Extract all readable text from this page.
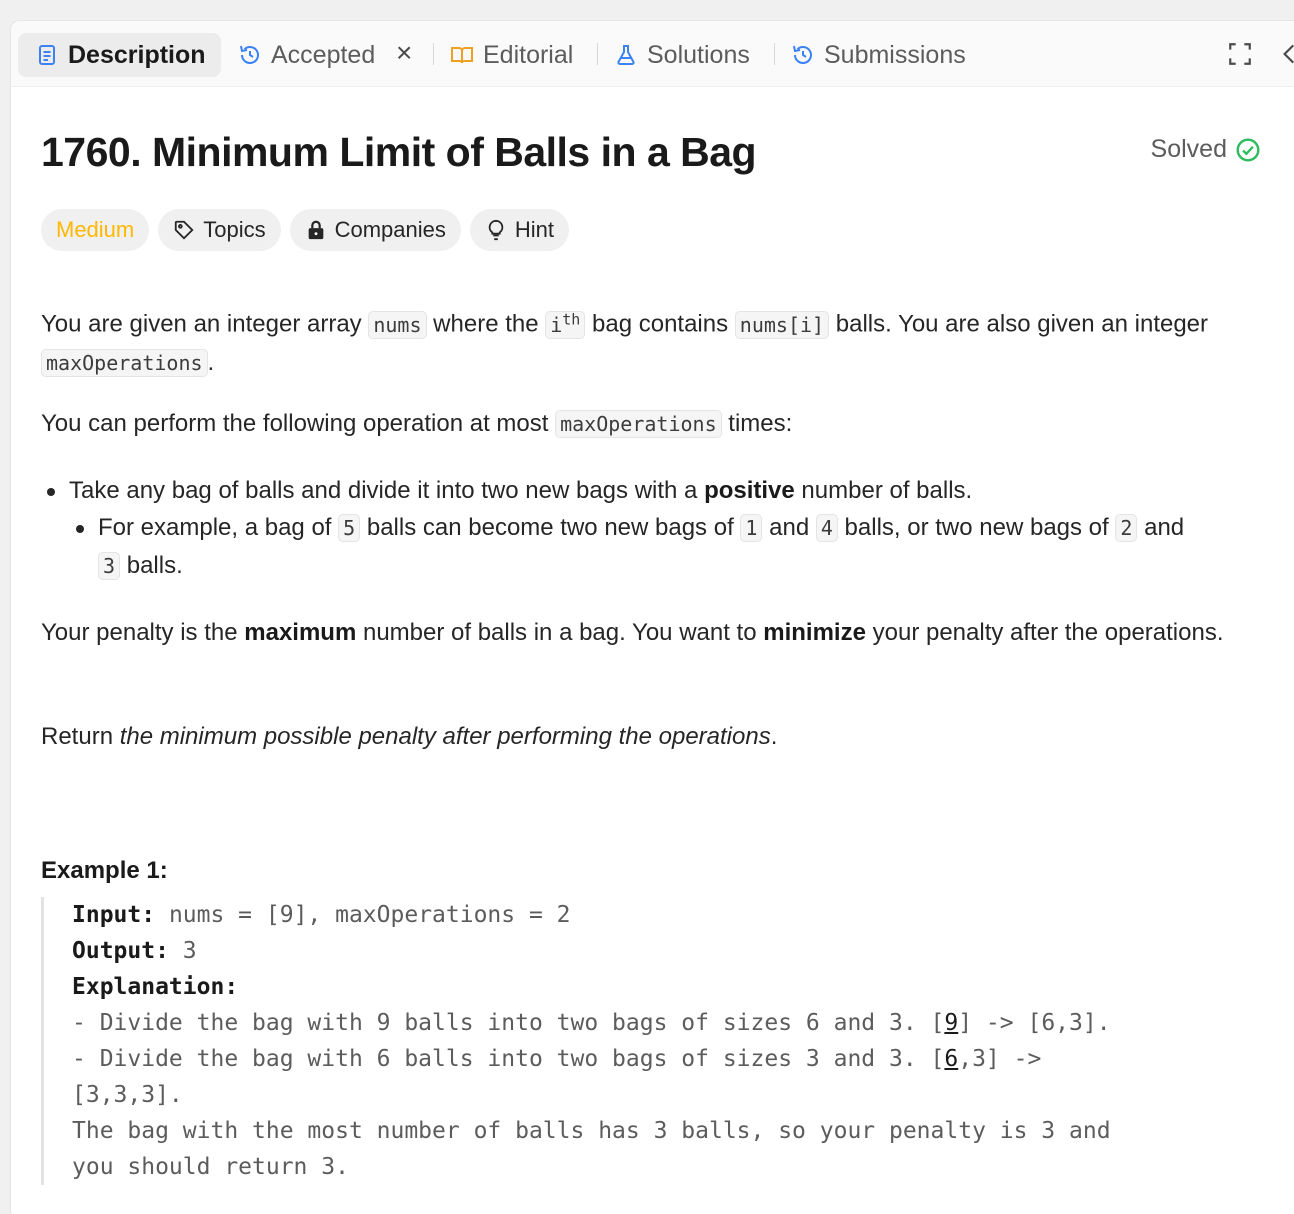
Description	Accepted ×	Editorial	Solutions	Submissions
1760. Minimum Limit of Balls in a Bag	Solved
Medium	Topics	Companies	Hint

You are given an integer array nums where the $i^{th}$ bag contains nums[i] balls. You are also given an integer maxOperations .

You can perform the following operation at most maxOperations times:

Take any bag of balls and divide it into two new bags with a positive number of balls.

For example, a bag of 5 balls can become two new bags of 1 and 4 balls, or two new bags of 2 and 3 balls.

Your penalty is the maximum number of balls in a bag. You want to minimize your penalty after the operations.

Return the minimum possible penalty after performing the operations.

Example 1:
Input: nums = [9], maxOperations = 2
Output: 3
Explanation:
- Divide the bag with 9 balls into two bags of sizes 6 and 3. [9] -> [6,3].
- Divide the bag with 6 balls into two bags of sizes 3 and 3. [6,3] ->
[3,3,3].
The bag with the most number of balls has 3 balls, so your penalty is 3 and
you should return 3.
